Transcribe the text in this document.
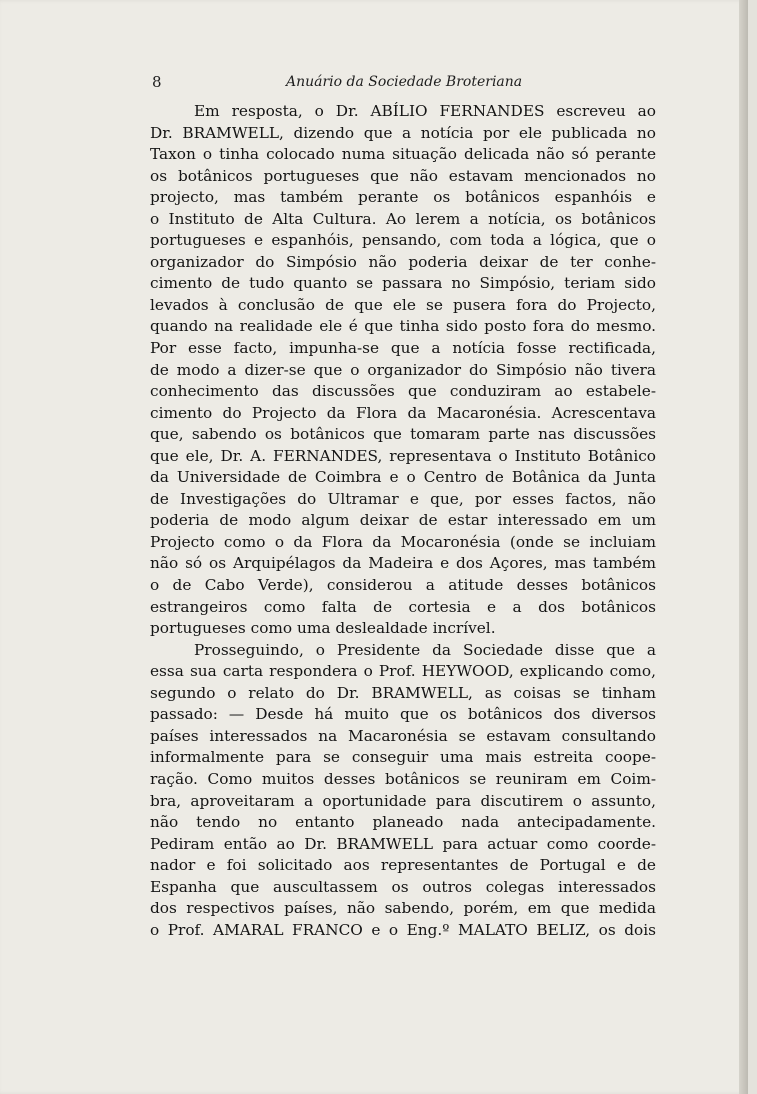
8	Anuário da Sociedade Broteriana
Em resposta, o Dr. ABÍLIO FERNANDES escreveu ao
Dr. BRAMWELL, dizendo que a notícia por ele publicada no
Taxon o tinha colocado numa situação delicada não só perante
os botânicos portugueses que não estavam mencionados no
projecto, mas também perante os botânicos espanhóis e
o Instituto de Alta Cultura. Ao lerem a notícia, os botânicos
portugueses e espanhóis, pensando, com toda a lógica, que o
organizador do Simpósio não poderia deixar de ter conhe-
cimento de tudo quanto se passara no Simpósio, teriam sido
levados à conclusão de que ele se pusera fora do Projecto,
quando na realidade ele é que tinha sido posto fora do mesmo.
Por esse facto, impunha-se que a notícia fosse rectificada,
de modo a dizer-se que o organizador do Simpósio não tivera
conhecimento das discussões que conduziram ao estabele-
cimento do Projecto da Flora da Macaronésia. Acrescentava
que, sabendo os botânicos que tomaram parte nas discussões
que ele, Dr. A. FERNANDES, representava o Instituto Botânico
da Universidade de Coimbra e o Centro de Botânica da Junta
de Investigações do Ultramar e que, por esses factos, não
poderia de modo algum deixar de estar interessado em um
Projecto como o da Flora da Mocaronésia (onde se incluiam
não só os Arquipélagos da Madeira e dos Açores, mas também
o de Cabo Verde), considerou a atitude desses botânicos
estrangeiros como falta de cortesia e a dos botânicos
portugueses como uma deslealdade incrível.
Prosseguindo, o Presidente da Sociedade disse que a
essa sua carta respondera o Prof. HEYWOOD, explicando como,
segundo o relato do Dr. BRAMWELL, as coisas se tinham
passado: — Desde há muito que os botânicos dos diversos
países interessados na Macaronésia se estavam consultando
informalmente para se conseguir uma mais estreita coope-
ração. Como muitos desses botânicos se reuniram em Coim-
bra, aproveitaram a oportunidade para discutirem o assunto,
não tendo no entanto planeado nada antecipadamente.
Pediram então ao Dr. BRAMWELL para actuar como coorde-
nador e foi solicitado aos representantes de Portugal e de
Espanha que auscultassem os outros colegas interessados
dos respectivos países, não sabendo, porém, em que medida
o Prof. AMARAL FRANCO e o Eng.º MALATO BELIZ, os dois
